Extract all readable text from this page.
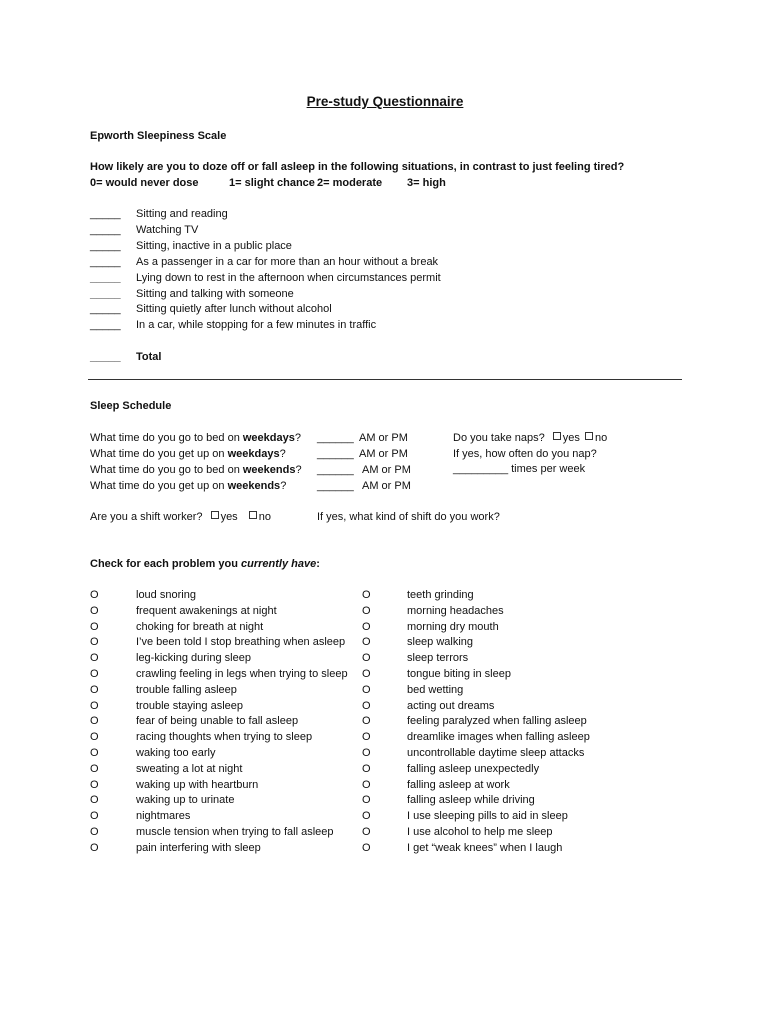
Pre-study Questionnaire
Epworth Sleepiness Scale
How likely are you to doze off or fall asleep in the following situations, in contrast to just feeling tired?
0= would never dose	1= slight chance 2= moderate 3= high
_____	Sitting and reading
_____	Watching TV
_____	Sitting, inactive in a public place
_____	As a passenger in a car for more than an hour without a break
_____	Lying down to rest in the afternoon when circumstances permit
_____	Sitting and talking with someone
_____	Sitting quietly after lunch without alcohol
_____	In a car, while stopping for a few minutes in traffic
_____	Total
Sleep Schedule
What time do you go to bed on weekdays? ______ AM or PM
What time do you get up on weekdays?	______ AM or PM
What time do you go to bed on weekends? ______ AM or PM
What time do you get up on weekends?	______ AM or PM
Do you take naps? yes no
If yes, how often do you nap?
_________ times per week
Are you a shift worker? yes no	If yes, what kind of shift do you work?
Check for each problem you currently have:
O	loud snoring
O	frequent awakenings at night
O	choking for breath at night
O	I’ve been told I stop breathing when asleep
O	leg-kicking during sleep
O	crawling feeling in legs when trying to sleep
O	trouble falling asleep
O	trouble staying asleep
O	fear of being unable to fall asleep
O	racing thoughts when trying to sleep
O	waking too early
O	sweating a lot at night
O	waking up with heartburn
O	waking up to urinate
O	nightmares
O	muscle tension when trying to fall asleep
O	pain interfering with sleep
O	teeth grinding
O	morning headaches
O	morning dry mouth
O	sleep walking
O	sleep terrors
O	tongue biting in sleep
O	bed wetting
O	acting out dreams
O	feeling paralyzed when falling asleep
O	dreamlike images when falling asleep
O	uncontrollable daytime sleep attacks
O	falling asleep unexpectedly
O	falling asleep at work
O	falling asleep while driving
O	I use sleeping pills to aid in sleep
O	I use alcohol to help me sleep
O	I get “weak knees” when I laugh
